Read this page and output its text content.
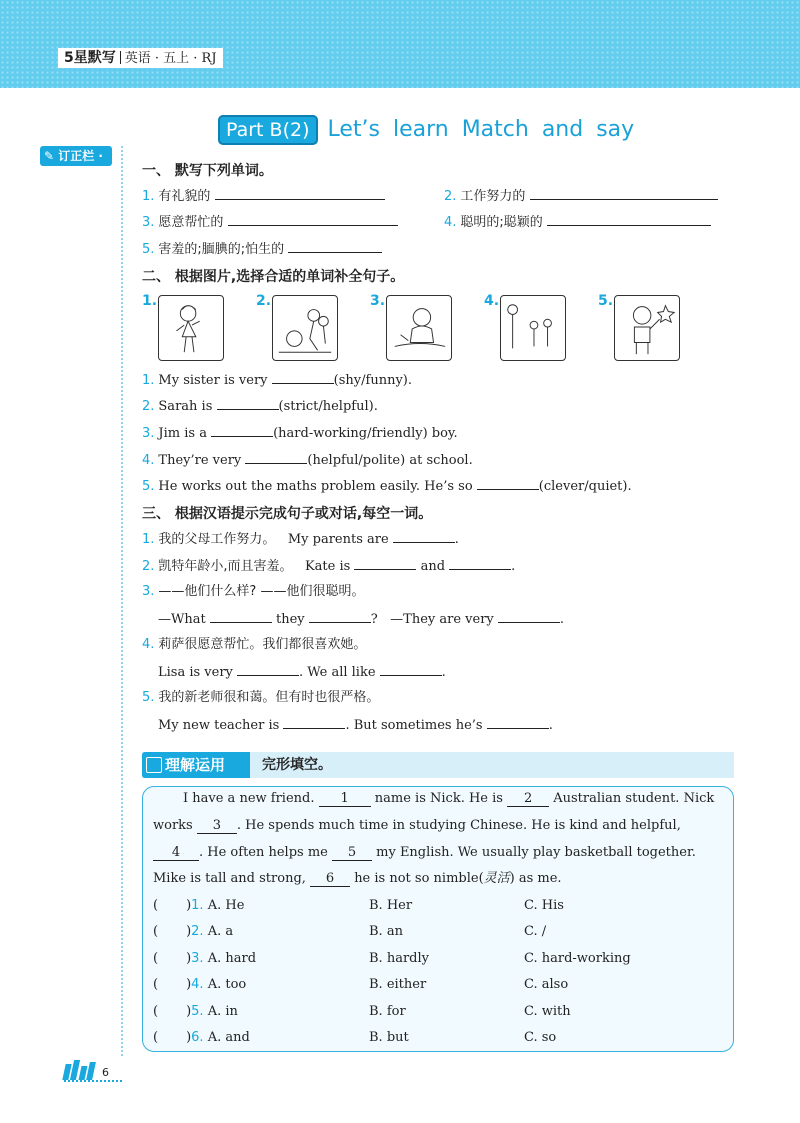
5星默写 英语 · 五上 · RJ
Part B(2) Let’s learn Match and say
✎ 订正栏 ·
一、 默写下列单词。
1. 有礼貌的	2. 工作努力的
3. 愿意帮忙的	4. 聪明的;聪颖的
5. 害羞的;腼腆的;怕生的
二、 根据图片,选择合适的单词补全句子。
1.	2.	3.	4.	5.
1. My sister is very	(shy/funny).
2. Sarah is	(strict/helpful).
3. Jim is a	(hard-working/friendly) boy.
4. They’re very	(helpful/polite) at school.
5. He works out the maths problem easily. He’s so	(clever/quiet).
三、 根据汉语提示完成句子或对话,每空一词。
1. 我的父母工作努力。 My parents are	.
2. 凯特年龄小,而且害羞。 Kate is	and	.
3. ——他们什么样? ——他们很聪明。
—What	they	? —They are very	.
4. 莉萨很愿意帮忙。我们都很喜欢她。
Lisa is very	. We all like	.
5. 我的新老师很和蔼。但有时也很严格。
My new teacher is	. But sometimes he’s	.
理解运用	完形填空。
I have a new friend. 1 name is Nick. He is 2 Australian student. Nick
works 3 . He spends much time in studying Chinese. He is kind and helpful,
4 . He often helps me 5 my English. We usually play basketball together.
Mike is tall and strong, 6 he is not so nimble(灵活) as me.
( )1. A. He	B. Her	C. His
( )2. A. a	B. an	C. /
( )3. A. hard	B. hardly	C. hard-working
( )4. A. too	B. either	C. also
( )5. A. in	B. for	C. with
( )6. A. and	B. but	C. so
6
